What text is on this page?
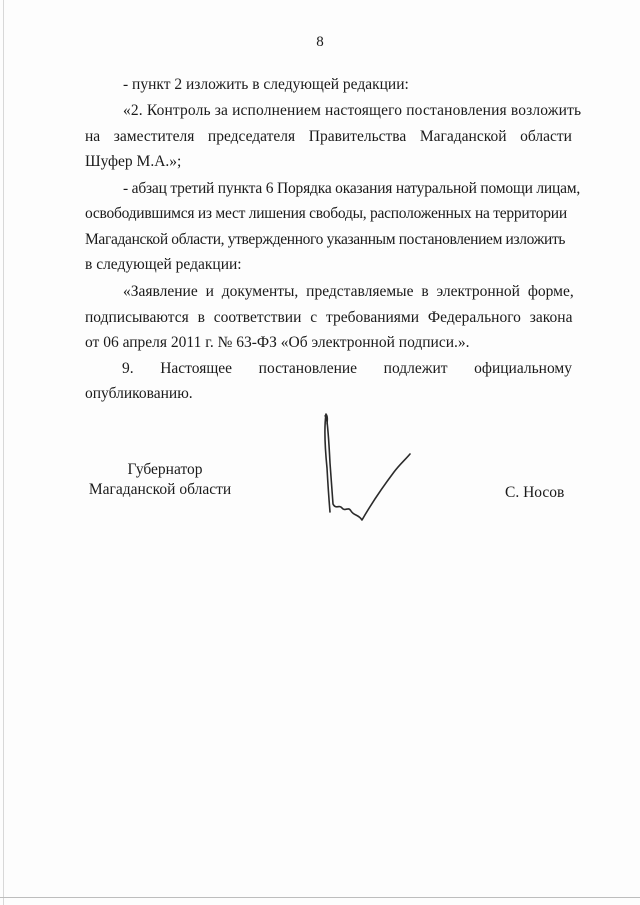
8
- пункт 2 изложить в следующей редакции:
«2. Контроль за исполнением настоящего постановления возложить
на заместителя председателя Правительства Магаданской области
Шуфер М.А.»;
- абзац третий пункта 6 Порядка оказания натуральной помощи лицам,
освободившимся из мест лишения свободы, расположенных на территории
Магаданской области, утвержденного указанным постановлением изложить
в следующей редакции:
«Заявление и документы, представляемые в электронной форме,
подписываются в соответствии с требованиями Федерального закона
от 06 апреля 2011 г. № 63-ФЗ «Об электронной подписи.».
9. Настоящее постановление подлежит официальному
опубликованию.
Губернатор
Магаданской области	С. Носов
